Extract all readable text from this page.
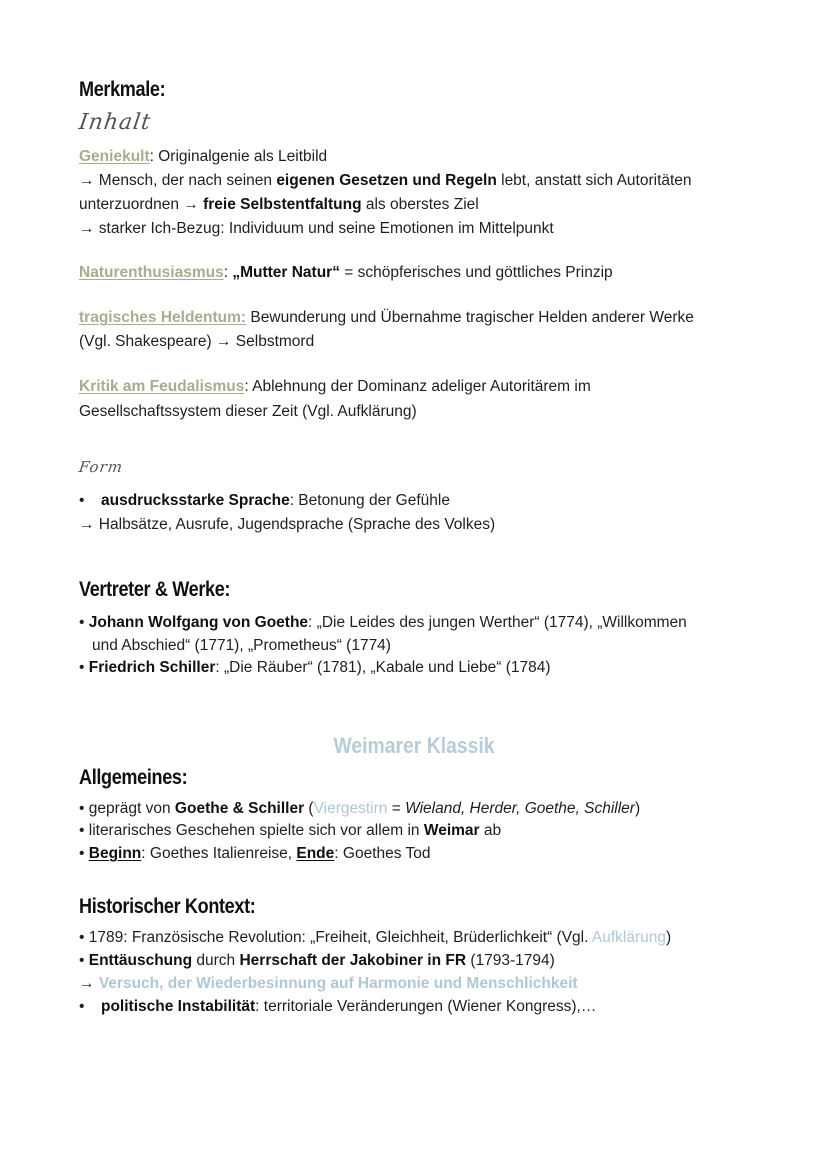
Merkmale:
Inhalt
Geniekult: Originalgenie als Leitbild
→ Mensch, der nach seinen eigenen Gesetzen und Regeln lebt, anstatt sich Autoritäten
unterzuordnen → freie Selbstentfaltung als oberstes Ziel
→ starker Ich-Bezug: Individuum und seine Emotionen im Mittelpunkt
Naturenthusiasmus: „Mutter Natur“ = schöpferisches und göttliches Prinzip
tragisches Heldentum: Bewunderung und Übernahme tragischer Helden anderer Werke
(Vgl. Shakespeare) → Selbstmord
Kritik am Feudalismus: Ablehnung der Dominanz adeliger Autoritärem im
Gesellschaftssystem dieser Zeit (Vgl. Aufklärung)
Form
• ausdrucksstarke Sprache: Betonung der Gefühle
→ Halbsätze, Ausrufe, Jugendsprache (Sprache des Volkes)
Vertreter & Werke:
• Johann Wolfgang von Goethe: „Die Leides des jungen Werther“ (1774), „Willkommen
und Abschied“ (1771), „Prometheus“ (1774)
• Friedrich Schiller: „Die Räuber“ (1781), „Kabale und Liebe“ (1784)
Weimarer Klassik
Allgemeines:
• geprägt von Goethe & Schiller (Viergestirn = Wieland, Herder, Goethe, Schiller)
• literarisches Geschehen spielte sich vor allem in Weimar ab
• Beginn: Goethes Italienreise, Ende: Goethes Tod
Historischer Kontext:
• 1789: Französische Revolution: „Freiheit, Gleichheit, Brüderlichkeit“ (Vgl. Aufklärung)
• Enttäuschung durch Herrschaft der Jakobiner in FR (1793-1794)
→ Versuch, der Wiederbesinnung auf Harmonie und Menschlichkeit
• politische Instabilität: territoriale Veränderungen (Wiener Kongress),…
